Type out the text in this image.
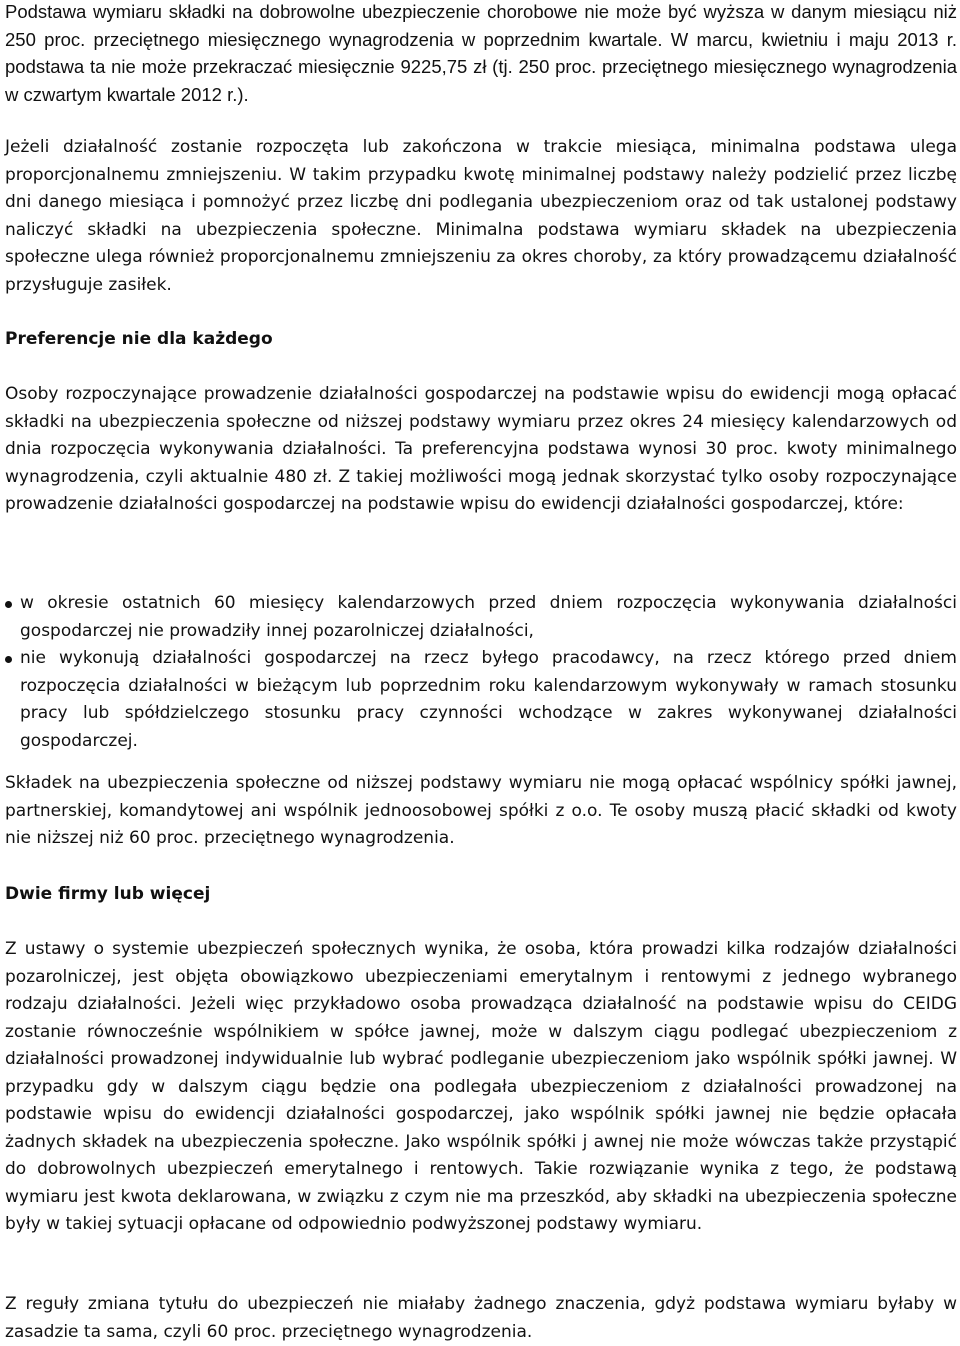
Podstawa wymiaru składki na dobrowolne ubezpieczenie chorobowe nie może być wyższa w danym miesiącu niż 250 proc. przeciętnego miesięcznego wynagrodzenia w poprzednim kwartale. W marcu, kwietniu i maju 2013 r. podstawa ta nie może przekraczać miesięcznie 9225,75 zł (tj. 250 proc. przeciętnego miesięcznego wynagrodzenia w czwartym kwartale 2012 r.).

Jeżeli działalność zostanie rozpoczęta lub zakończona w trakcie miesiąca, minimalna podstawa ulega proporcjonalnemu zmniejszeniu. W takim przypadku kwotę minimalnej podstawy należy podzielić przez liczbę dni danego miesiąca i pomnożyć przez liczbę dni podlegania ubezpieczeniom oraz od tak ustalonej podstawy naliczyć składki na ubezpieczenia społeczne. Minimalna podstawa wymiaru składek na ubezpieczenia społeczne ulega również proporcjonalnemu zmniejszeniu za okres choroby, za który prowadzącemu działalność przysługuje zasiłek.

Preferencje nie dla każdego

Osoby rozpoczynające prowadzenie działalności gospodarczej na podstawie wpisu do ewidencji mogą opłacać składki na ubezpieczenia społeczne od niższej podstawy wymiaru przez okres 24 miesięcy kalendarzowych od dnia rozpoczęcia wykonywania działalności. Ta preferencyjna podstawa wynosi 30 proc. kwoty minimalnego wynagrodzenia, czyli aktualnie 480 zł. Z takiej możliwości mogą jednak skorzystać tylko osoby rozpoczynające prowadzenie działalności gospodarczej na podstawie wpisu do ewidencji działalności gospodarczej, które:

w okresie ostatnich 60 miesięcy kalendarzowych przed dniem rozpoczęcia wykonywania działalności gospodarczej nie prowadziły innej pozarolniczej działalności,
nie wykonują działalności gospodarczej na rzecz byłego pracodawcy, na rzecz którego przed dniem rozpoczęcia działalności w bieżącym lub poprzednim roku kalendarzowym wykonywały w ramach stosunku pracy lub spółdzielczego stosunku pracy czynności wchodzące w zakres wykonywanej działalności gospodarczej.

Składek na ubezpieczenia społeczne od niższej podstawy wymiaru nie mogą opłacać wspólnicy spółki jawnej, partnerskiej, komandytowej ani wspólnik jednoosobowej spółki z o.o. Te osoby muszą płacić składki od kwoty nie niższej niż 60 proc. przeciętnego wynagrodzenia.

Dwie firmy lub więcej

Z ustawy o systemie ubezpieczeń społecznych wynika, że osoba, która prowadzi kilka rodzajów działalności pozarolniczej, jest objęta obowiązkowo ubezpieczeniami emerytalnym i rentowymi z jednego wybranego rodzaju działalności. Jeżeli więc przykładowo osoba prowadząca działalność na podstawie wpisu do CEIDG zostanie równocześnie wspólnikiem w spółce jawnej, może w dalszym ciągu podlegać ubezpieczeniom z działalności prowadzonej indywidualnie lub wybrać podleganie ubezpieczeniom jako wspólnik spółki jawnej. W przypadku gdy w dalszym ciągu będzie ona podlegała ubezpieczeniom z działalności prowadzonej na podstawie wpisu do ewidencji działalności gospodarczej, jako wspólnik spółki jawnej nie będzie opłacała żadnych składek na ubezpieczenia społeczne. Jako wspólnik spółki j awnej nie może wówczas także przystąpić do dobrowolnych ubezpieczeń emerytalnego i rentowych. Takie rozwiązanie wynika z tego, że podstawą wymiaru jest kwota deklarowana, w związku z czym nie ma przeszkód, aby składki na ubezpieczenia społeczne były w takiej sytuacji opłacane od odpowiednio podwyższonej podstawy wymiaru.

Z reguły zmiana tytułu do ubezpieczeń nie miałaby żadnego znaczenia, gdyż podstawa wymiaru byłaby w zasadzie ta sama, czyli 60 proc. przeciętnego wynagrodzenia.
